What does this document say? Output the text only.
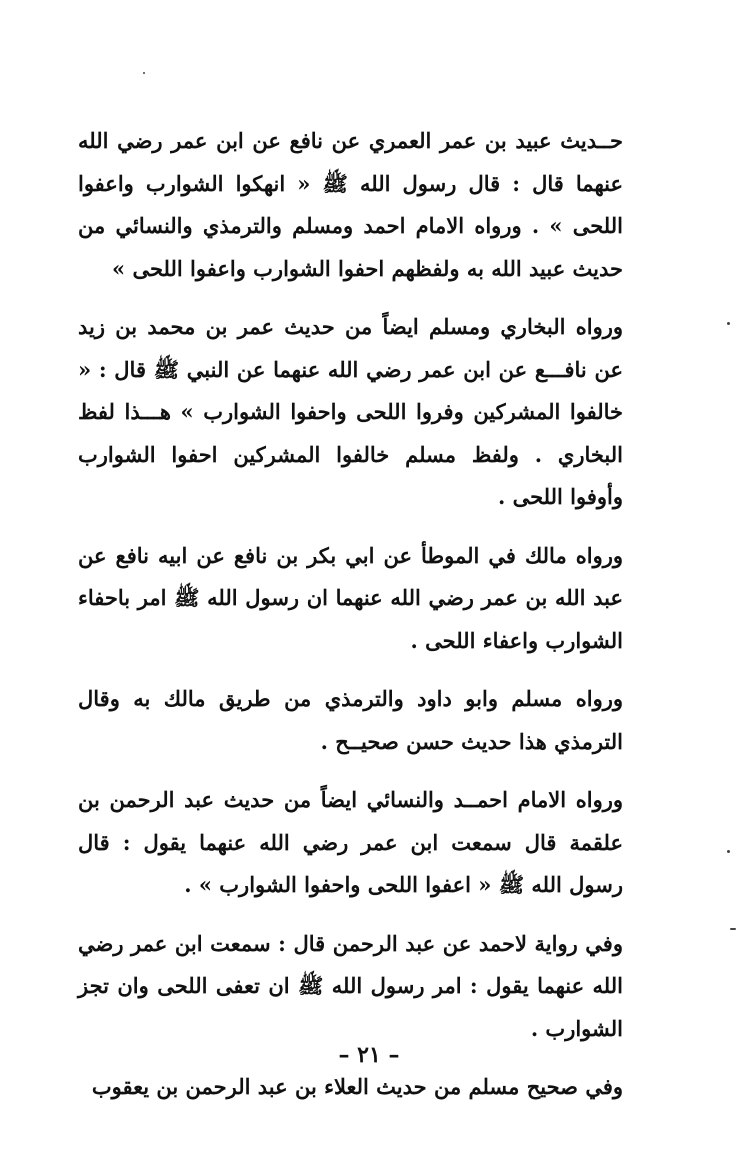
حــديث عبيد بن عمر العمري عن نافع عن ابن عمر رضي الله عنهما قال : قال رسول الله ﷺ « انهكوا الشوارب واعفوا اللحى » . ورواه الامام احمد ومسلم والترمذي والنسائي من حديث عبيد الله به ولفظهم احفوا الشوارب واعفوا اللحى »

ورواه البخاري ومسلم ايضاً من حديث عمر بن محمد بن زيد عن نافـــع عن ابن عمر رضي الله عنهما عن النبي ﷺ قال : « خالفوا المشركين وفروا اللحى واحفوا الشوارب » هـــذا لفظ البخاري . ولفظ مسلم خالفوا المشركين احفوا الشوارب وأوفوا اللحى .

ورواه مالك في الموطأ عن ابي بكر بن نافع عن ابيه نافع عن عبد الله بن عمر رضي الله عنهما ان رسول الله ﷺ امر باحفاء الشوارب واعفاء اللحى .

ورواه مسلم وابو داود والترمذي من طريق مالك به وقال الترمذي هذا حديث حسن صحيــح .

ورواه الامام احمــد والنسائي ايضاً من حديث عبد الرحمن بن علقمة قال سمعت ابن عمر رضي الله عنهما يقول : قال رسول الله ﷺ « اعفوا اللحى واحفوا الشوارب » .

وفي رواية لاحمد عن عبد الرحمن قال : سمعت ابن عمر رضي الله عنهما يقول : امر رسول الله ﷺ ان تعفى اللحى وان تجز الشوارب .

وفي صحيح مسلم من حديث العلاء بن عبد الرحمن بن يعقوب

– ٢١ –
